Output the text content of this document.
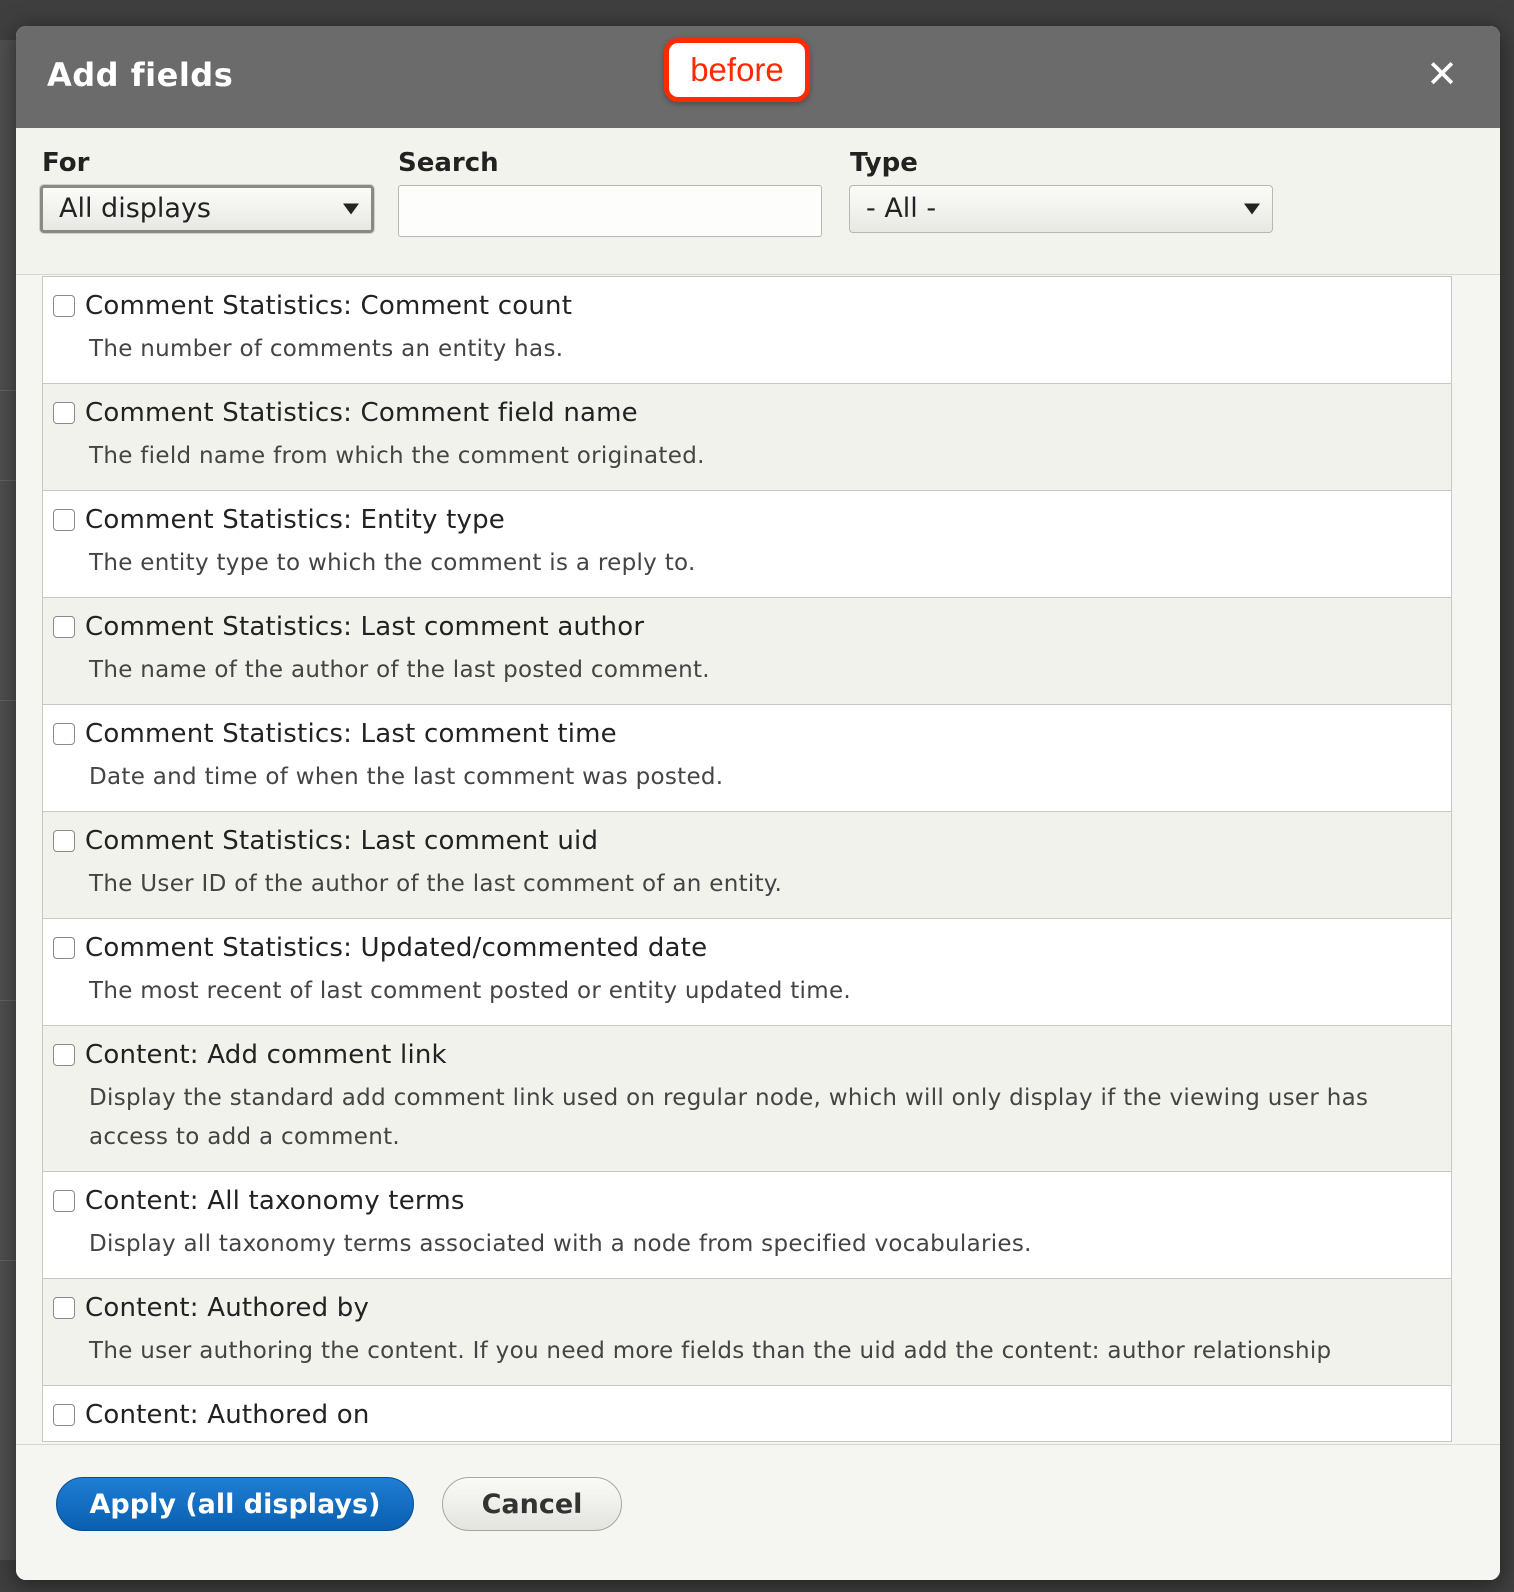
Add fields	before	✕
For
All displays
Search	Type
- All -
Comment Statistics: Comment count
The number of comments an entity has.
Comment Statistics: Comment field name
The field name from which the comment originated.
Comment Statistics: Entity type
The entity type to which the comment is a reply to.
Comment Statistics: Last comment author
The name of the author of the last posted comment.
Comment Statistics: Last comment time
Date and time of when the last comment was posted.
Comment Statistics: Last comment uid
The User ID of the author of the last comment of an entity.
Comment Statistics: Updated/commented date
The most recent of last comment posted or entity updated time.
Content: Add comment link
Display the standard add comment link used on regular node, which will only display if the viewing user has access to add a comment.
Content: All taxonomy terms
Display all taxonomy terms associated with a node from specified vocabularies.
Content: Authored by
The user authoring the content. If you need more fields than the uid add the content: author relationship
Content: Authored on
Apply (all displays)	Cancel
